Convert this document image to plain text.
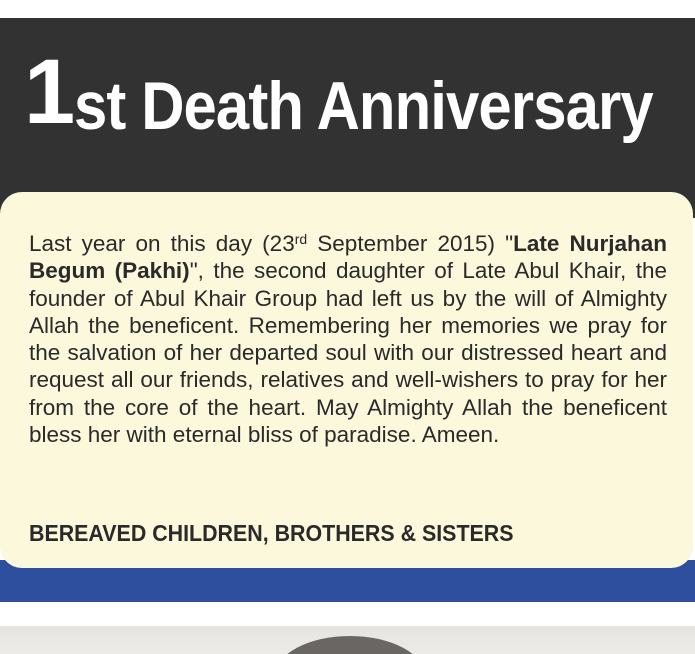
1st Death Anniversary

Last year on this day (23rd September 2015) "Late Nurjahan Begum (Pakhi)", the second daughter of Late Abul Khair, the founder of Abul Khair Group had left us by the will of Almighty Allah the beneficent. Remembering her memories we pray for the salvation of her departed soul with our distressed heart and request all our friends, relatives and well-wishers to pray for her from the core of the heart. May Almighty Allah the beneficent bless her with eternal bliss of paradise. Ameen.

BEREAVED CHILDREN, BROTHERS & SISTERS
